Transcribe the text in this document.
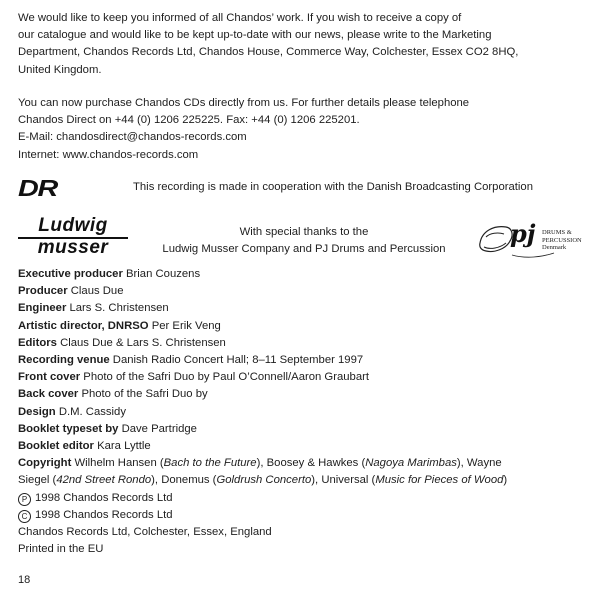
We would like to keep you informed of all Chandos’ work. If you wish to receive a copy of
our catalogue and would like to be kept up-to-date with our news, please write to the Marketing
Department, Chandos Records Ltd, Chandos House, Commerce Way, Colchester, Essex CO2 8HQ,
United Kingdom.
You can now purchase Chandos CDs directly from us. For further details please telephone
Chandos Direct on +44 (0) 1206 225225. Fax: +44 (0) 1206 225201.
E-Mail: chandosdirect@chandos-records.com
Internet: www.chandos-records.com
DR	This recording is made in cooperation with the Danish Broadcasting Corporation
Ludwig
musser
With special thanks to the
Ludwig Musser Company and PJ Drums and Percussion
pj DRUMS & PERCUSSION
Denmark
Executive producer Brian Couzens
Producer Claus Due
Engineer Lars S. Christensen
Artistic director, DNRSO Per Erik Veng
Editors Claus Due & Lars S. Christensen
Recording venue Danish Radio Concert Hall; 8–11 September 1997
Front cover Photo of the Safri Duo by Paul O’Connell/Aaron Graubart
Back cover Photo of the Safri Duo by
Design D.M. Cassidy
Booklet typeset by Dave Partridge
Booklet editor Kara Lyttle
Copyright Wilhelm Hansen (Bach to the Future), Boosey & Hawkes (Nagoya Marimbas), Wayne
Siegel (42nd Street Rondo), Donemus (Goldrush Concerto), Universal (Music for Pieces of Wood)
P 1998 Chandos Records Ltd
C 1998 Chandos Records Ltd
Chandos Records Ltd, Colchester, Essex, England
Printed in the EU
18
